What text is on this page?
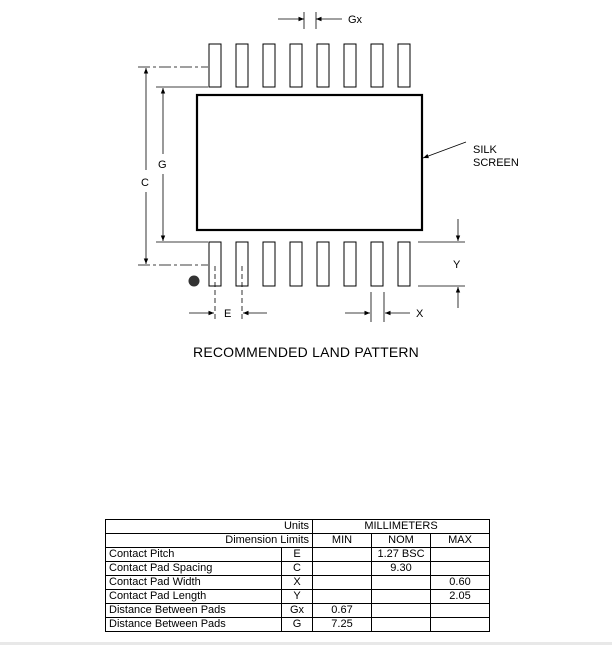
Gx
C
G
SILK
SCREEN
Y
E	X
RECOMMENDED LAND PATTERN
Units		MILLIMETERS		
Dimension Limits		MIN	NOM	MAX
Contact Pitch	E		1.27 BSC	
Contact Pad Spacing	C		9.30	
Contact Pad Width	X			0.60
Contact Pad Length	Y			2.05
Distance Between Pads	Gx	0.67		
Distance Between Pads	G	7.25		
